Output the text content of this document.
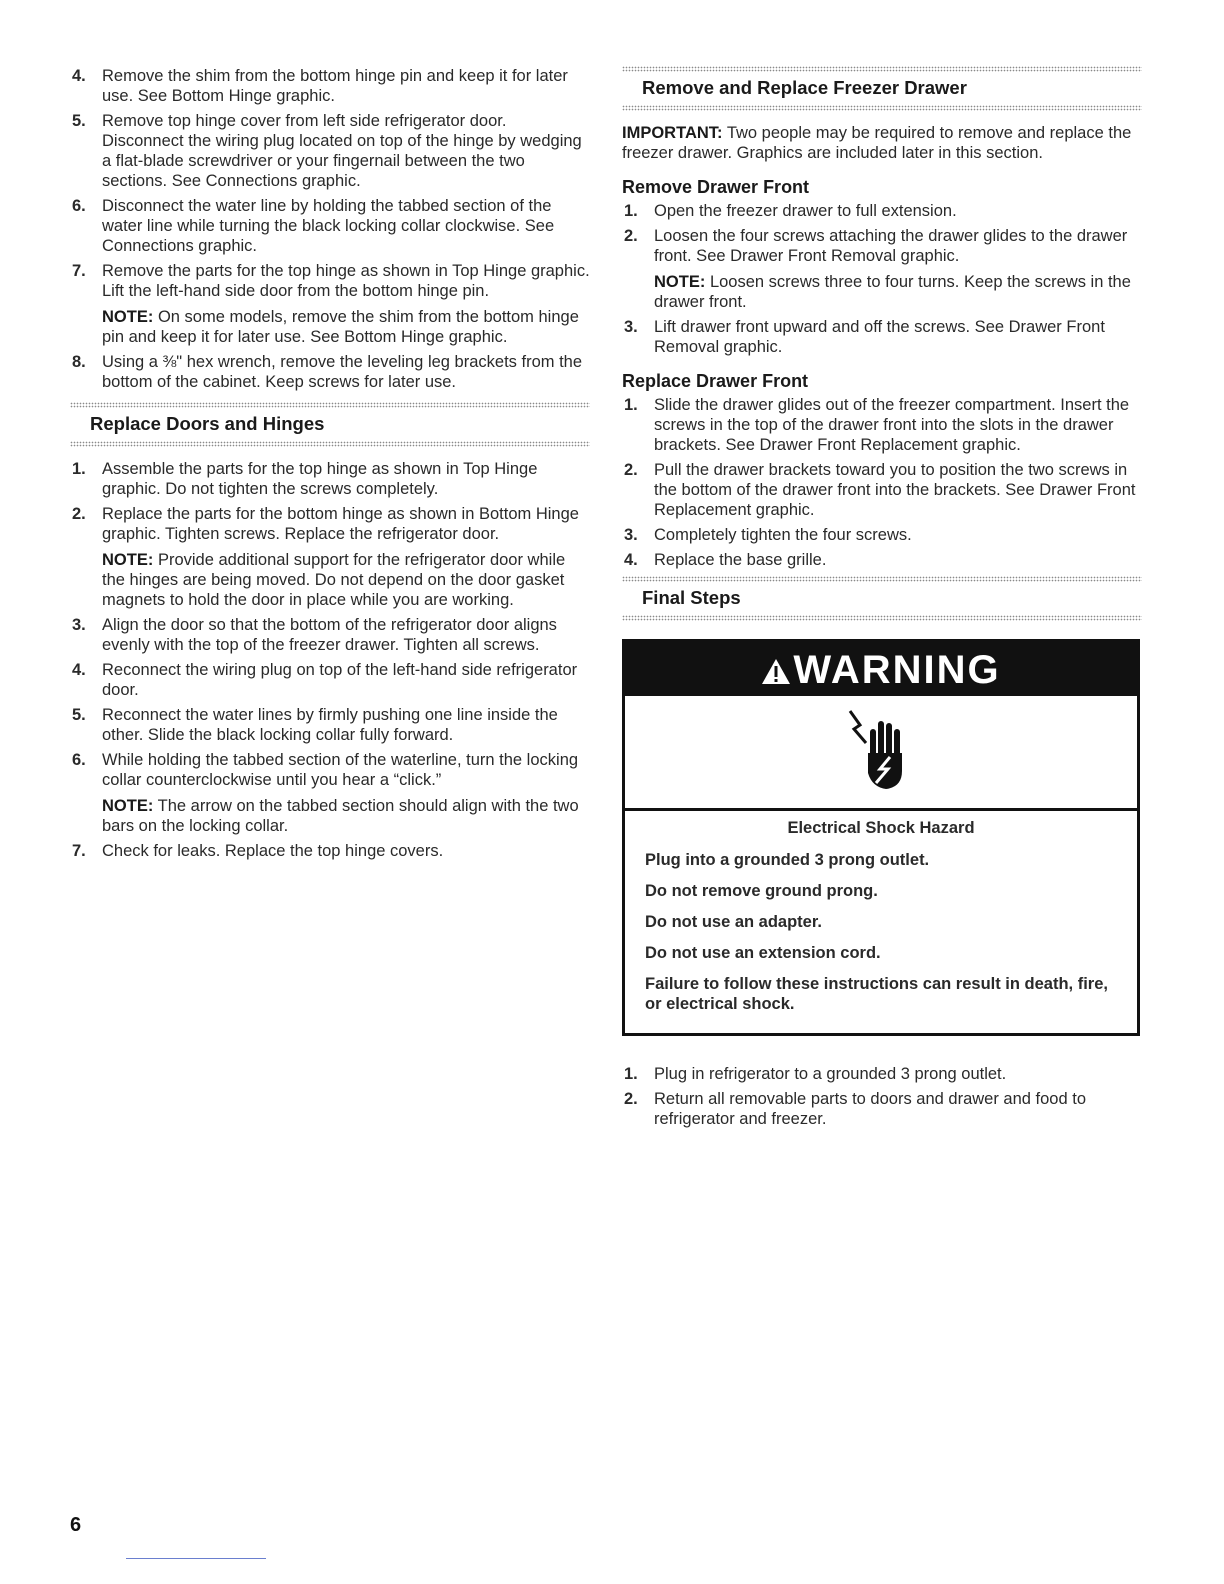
4. Remove the shim from the bottom hinge pin and keep it for later use. See Bottom Hinge graphic.

5. Remove top hinge cover from left side refrigerator door. Disconnect the wiring plug located on top of the hinge by wedging a flat-blade screwdriver or your fingernail between the two sections. See Connections graphic.

6. Disconnect the water line by holding the tabbed section of the water line while turning the black locking collar clockwise. See Connections graphic.

7. Remove the parts for the top hinge as shown in Top Hinge graphic. Lift the left-hand side door from the bottom hinge pin.

NOTE: On some models, remove the shim from the bottom hinge pin and keep it for later use. See Bottom Hinge graphic.

8. Using a ⅜" hex wrench, remove the leveling leg brackets from the bottom of the cabinet. Keep screws for later use.

Replace Doors and Hinges
1. Assemble the parts for the top hinge as shown in Top Hinge graphic. Do not tighten the screws completely.

2. Replace the parts for the bottom hinge as shown in Bottom Hinge graphic. Tighten screws. Replace the refrigerator door.

NOTE: Provide additional support for the refrigerator door while the hinges are being moved. Do not depend on the door gasket magnets to hold the door in place while you are working.

3. Align the door so that the bottom of the refrigerator door aligns evenly with the top of the freezer drawer. Tighten all screws.

4. Reconnect the wiring plug on top of the left-hand side refrigerator door.

5. Reconnect the water lines by firmly pushing one line inside the other. Slide the black locking collar fully forward.

6. While holding the tabbed section of the waterline, turn the locking collar counterclockwise until you hear a “click.”

NOTE: The arrow on the tabbed section should align with the two bars on the locking collar.

7. Check for leaks. Replace the top hinge covers.

Remove and Replace Freezer Drawer

IMPORTANT: Two people may be required to remove and replace the freezer drawer. Graphics are included later in this section.

Remove Drawer Front
1. Open the freezer drawer to full extension.

2. Loosen the four screws attaching the drawer glides to the drawer front. See Drawer Front Removal graphic.

NOTE: Loosen screws three to four turns. Keep the screws in the drawer front.

3. Lift drawer front upward and off the screws. See Drawer Front Removal graphic.

Replace Drawer Front
1. Slide the drawer glides out of the freezer compartment. Insert the screws in the top of the drawer front into the slots in the drawer brackets. See Drawer Front Replacement graphic.

2. Pull the drawer brackets toward you to position the two screws in the bottom of the drawer front into the brackets. See Drawer Front Replacement graphic.

3. Completely tighten the four screws.

4. Replace the base grille.

Final Steps
WARNING
Electrical Shock Hazard

Plug into a grounded 3 prong outlet.

Do not remove ground prong.

Do not use an adapter.

Do not use an extension cord.

Failure to follow these instructions can result in death, fire, or electrical shock.

1. Plug in refrigerator to a grounded 3 prong outlet.

2. Return all removable parts to doors and drawer and food to refrigerator and freezer.

6
